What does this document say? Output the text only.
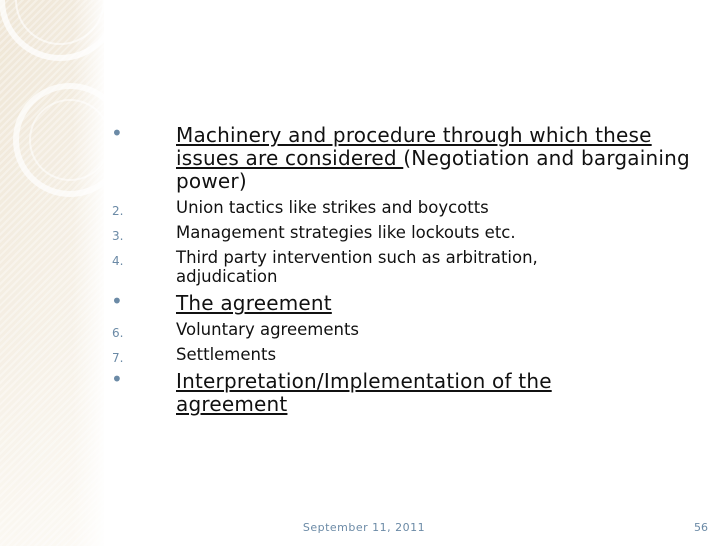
•	Machinery and procedure through which these issues are considered (Negotiation and bargaining power)
2.	Union tactics like strikes and boycotts
3.	Management strategies like lockouts etc.
4.	Third party intervention such as arbitration, adjudication
•	The agreement
6.	Voluntary agreements
7.	Settlements
•	Interpretation/Implementation of the agreement
September 11, 2011	56
